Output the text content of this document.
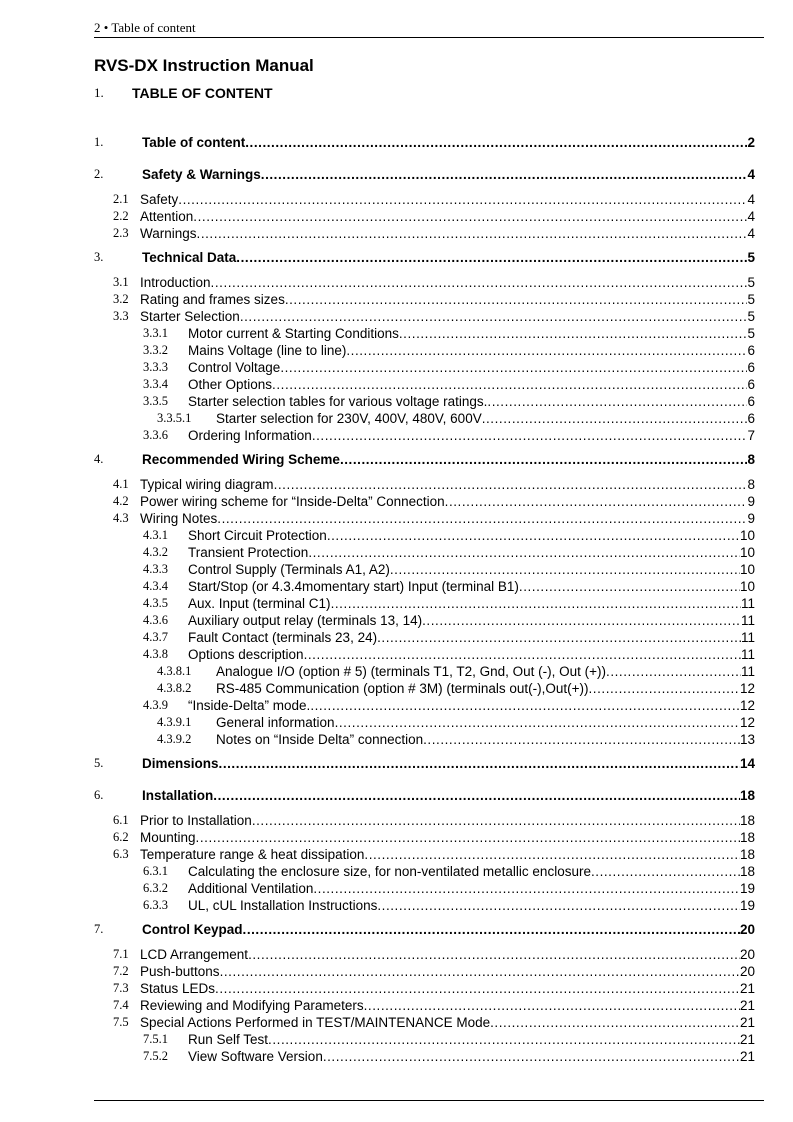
2 • Table of content
RVS-DX Instruction Manual
1. TABLE OF CONTENT
1.	Table of content . . .	2
2.	Safety & Warnings . . .	4
2.1 Safety . . .	4
2.2 Attention . . .	4
2.3 Warnings . . .	4
3.	Technical Data . . .	5
3.1 Introduction . . .	5
3.2 Rating and frames sizes . . .	5
3.3 Starter Selection . . .	5
3.3.1 Motor current & Starting Conditions . . .	5
3.3.2 Mains Voltage (line to line) . . .	6
3.3.3 Control Voltage . . .	6
3.3.4 Other Options . . .	6
3.3.5 Starter selection tables for various voltage ratings. . . .	6
3.3.5.1 Starter selection for 230V, 400V, 480V, 600V . . .	6
3.3.6 Ordering Information . . .	7
4.	Recommended Wiring Scheme . . .	8
4.1 Typical wiring diagram . . .	8
4.2 Power wiring scheme for “Inside-Delta” Connection . . .	9
4.3 Wiring Notes . . .	9
4.3.1 Short Circuit Protection . . .	10
4.3.2 Transient Protection . . .	10
4.3.3 Control Supply (Terminals A1, A2) . . .	10
4.3.4 Start/Stop (or 4.3.4momentary start) Input (terminal B1) . . .	10
4.3.5 Aux. Input (terminal C1) . . .	11
4.3.6 Auxiliary output relay (terminals 13, 14) . . .	11
4.3.7 Fault Contact (terminals 23, 24) . . .	11
4.3.8 Options description . . .	11
4.3.8.1 Analogue I/O (option # 5) (terminals T1, T2, Gnd, Out (-), Out (+)) . . .	11
4.3.8.2 RS-485 Communication (option # 3M) (terminals out(-),Out(+)) . . .	12
4.3.9 “Inside-Delta” mode. . . .	12
4.3.9.1 General information . . .	12
4.3.9.2 Notes on “Inside Delta” connection . . .	13
5.	Dimensions . . .	14
6.	Installation . . .	18
6.1 Prior to Installation . . .	18
6.2 Mounting . . .	18
6.3 Temperature range & heat dissipation . . .	18
6.3.1 Calculating the enclosure size, for non-ventilated metallic enclosure . . .	18
6.3.2 Additional Ventilation . . .	19
6.3.3 UL, cUL Installation Instructions . . .	19
7.	Control Keypad . . .	20
7.1 LCD Arrangement . . .	20
7.2 Push-buttons . . .	20
7.3 Status LEDs . . .	21
7.4 Reviewing and Modifying Parameters . . .	21
7.5 Special Actions Performed in TEST/MAINTENANCE Mode . . .	21
7.5.1 Run Self Test . . .	21
7.5.2 View Software Version . . .	21
